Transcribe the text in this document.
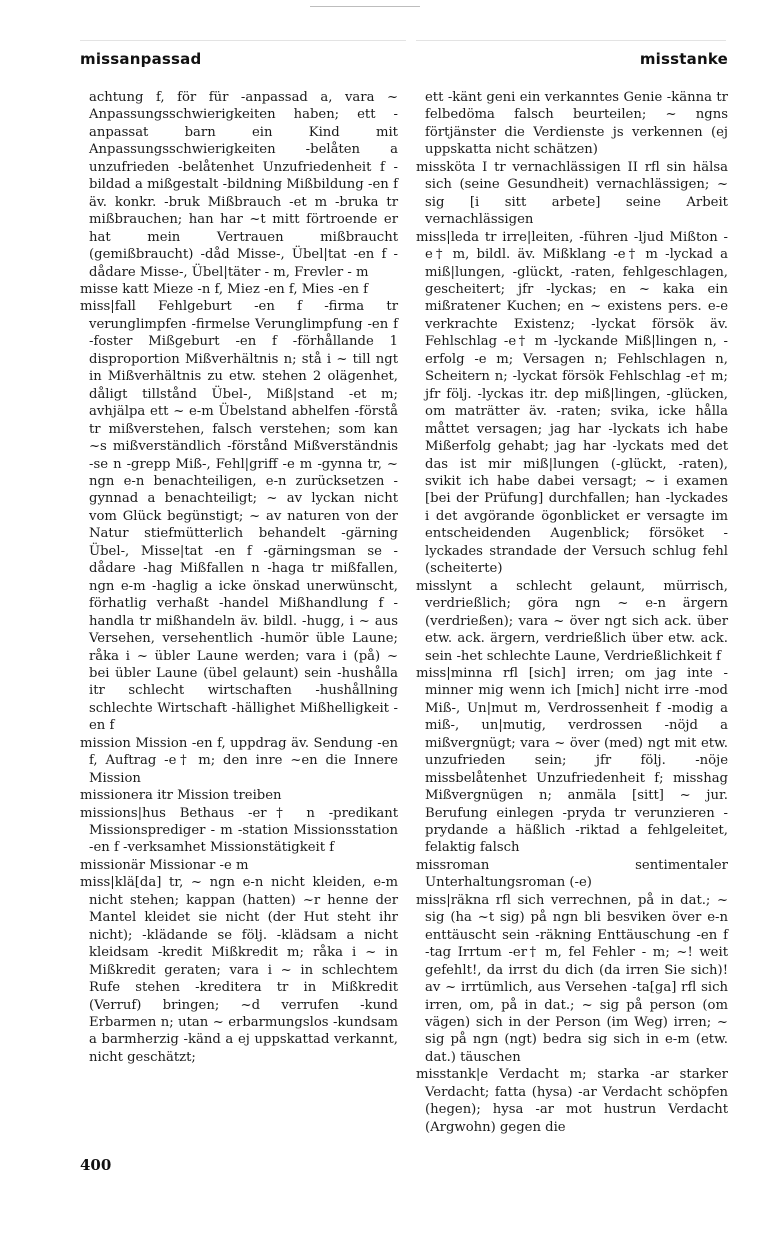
missanpassad	misstanke

achtung f, för für -anpassad a, vara ~ Anpassungsschwierigkeiten haben; ett -anpassat barn ein Kind mit Anpassungsschwierigkeiten -belåten a unzufrieden -belåtenhet Unzufriedenheit f -bildad a mißgestalt -bildning Mißbildung -en f äv. konkr. -bruk Mißbrauch -et m -bruka tr mißbrauchen; han har ~t mitt förtroende er hat mein Vertrauen mißbraucht (gemißbraucht) -dåd Misse-, Übel|tat -en f -dådare Misse-, Übel|täter - m, Frevler - m

misse katt Mieze -n f, Miez -en f, Mies -en f

miss|fall Fehlgeburt -en f -firma tr verunglimpfen -firmelse Verunglimpfung -en f -foster Mißgeburt -en f -förhållande 1 disproportion Mißverhältnis n; stå i ~ till ngt in Mißverhältnis zu etw. stehen 2 olägenhet, dåligt tillstånd Übel-, Miß|stand -et m; avhjälpa ett ~ e-m Übelstand abhelfen -förstå tr mißverstehen, falsch verstehen; som kan ~s mißverständlich -förstånd Mißverständnis -se n -grepp Miß-, Fehl|griff -e m -gynna tr, ~ ngn e-n benachteiligen, e-n zurücksetzen -gynnad a benachteiligt; ~ av lyckan nicht vom Glück begünstigt; ~ av naturen von der Natur stiefmütterlich behandelt -gärning Übel-, Misse|tat -en f -gärningsman se -dådare -hag Mißfallen n -haga tr mißfallen, ngn e-m -haglig a icke önskad unerwünscht, förhatlig verhaßt -handel Mißhandlung f -handla tr mißhandeln äv. bildl. -hugg, i ~ aus Versehen, versehentlich -humör üble Laune; råka i ~ übler Laune werden; vara i (på) ~ bei übler Laune (übel gelaunt) sein -hushålla itr schlecht wirtschaften -hushållning schlechte Wirtschaft -hällighet Mißhelligkeit -en f

mission Mission -en f, uppdrag äv. Sendung -en f, Auftrag -e† m; den inre ~en die Innere Mission

missionera itr Mission treiben

missions|hus Bethaus -er† n -predikant Missionsprediger - m -station Missionsstation -en f -verksamhet Missionstätigkeit f

missionär Missionar -e m

miss|klä[da] tr, ~ ngn e-n nicht kleiden, e-m nicht stehen; kappan (hatten) ~r henne der Mantel kleidet sie nicht (der Hut steht ihr nicht); -klädande se följ. -klädsam a nicht kleidsam -kredit Mißkredit m; råka i ~ in Mißkredit geraten; vara i ~ in schlechtem Rufe stehen -kreditera tr in Mißkredit (Verruf) bringen; ~d verrufen -kund Erbarmen n; utan ~ erbarmungslos -kundsam a barmherzig -känd a ej uppskattad verkannt, nicht geschätzt;

ett -känt geni ein verkanntes Genie -känna tr felbedöma falsch beurteilen; ~ ngns förtjänster die Verdienste js verkennen (ej uppskatta nicht schätzen)

missköta I tr vernachlässigen II rfl sin hälsa sich (seine Gesundheit) vernachlässigen; ~ sig [i sitt arbete] seine Arbeit vernachlässigen

miss|leda tr irre|leiten, -führen -ljud Mißton -e† m, bildl. äv. Mißklang -e† m -lyckad a miß|lungen, -glückt, -raten, fehlgeschlagen, gescheitert; jfr -lyckas; en ~ kaka ein mißratener Kuchen; en ~ existens pers. e-e verkrachte Existenz; -lyckat försök äv. Fehlschlag -e† m -lyckande Miß|lingen n, -erfolg -e m; Versagen n; Fehlschlagen n, Scheitern n; -lyckat försök Fehlschlag -e† m; jfr följ. -lyckas itr. dep miß|lingen, -glücken, om maträtter äv. -raten; svika, icke hålla måttet versagen; jag har -lyckats ich habe Mißerfolg gehabt; jag har -lyckats med det das ist mir miß|lungen (-glückt, -raten), svikit ich habe dabei versagt; ~ i examen [bei der Prüfung] durchfallen; han -lyckades i det avgörande ögonblicket er versagte im entscheidenden Augenblick; försöket -lyckades strandade der Versuch schlug fehl (scheiterte)

misslynt a schlecht gelaunt, mürrisch, verdrießlich; göra ngn ~ e-n ärgern (verdrießen); vara ~ över ngt sich ack. über etw. ack. ärgern, verdrießlich über etw. ack. sein -het schlechte Laune, Verdrießlichkeit f

miss|minna rfl [sich] irren; om jag inte -minner mig wenn ich [mich] nicht irre -mod Miß-, Un|mut m, Verdrossenheit f -modig a miß-, un|mutig, verdrossen -nöjd a mißvergnügt; vara ~ över (med) ngt mit etw. unzufrieden sein; jfr följ. -nöje missbelåtenhet Unzufriedenheit f; misshag Mißvergnügen n; anmäla [sitt] ~ jur. Berufung einlegen -pryda tr verunzieren -prydande a häßlich -riktad a fehlgeleitet, felaktig falsch

missroman sentimentaler Unterhaltungsroman (-e)

miss|räkna rfl sich verrechnen, på in dat.; ~ sig (ha ~t sig) på ngn bli besviken över e-n enttäuscht sein -räkning Enttäuschung -en f -tag Irrtum -er† m, fel Fehler - m; ~! weit gefehlt!, da irrst du dich (da irren Sie sich)! av ~ irrtümlich, aus Versehen -ta[ga] rfl sich irren, om, på in dat.; ~ sig på person (om vägen) sich in der Person (im Weg) irren; ~ sig på ngn (ngt) bedra sig sich in e-m (etw. dat.) täuschen

misstank|e Verdacht m; starka -ar starker Verdacht; fatta (hysa) -ar Verdacht schöpfen (hegen); hysa -ar mot hustrun Verdacht (Argwohn) gegen die

400
